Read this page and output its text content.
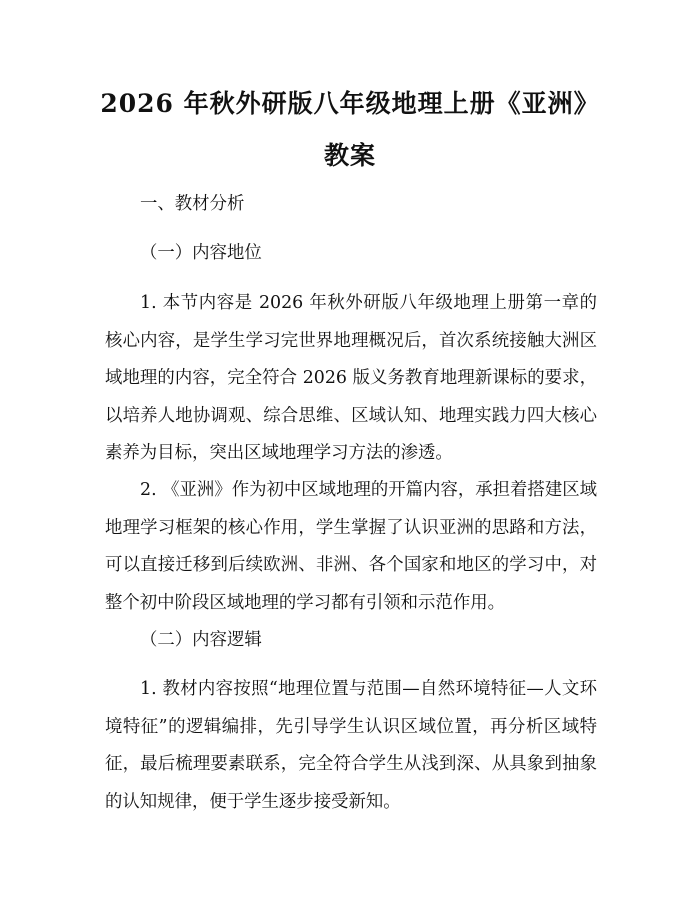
2026 年秋外研版八年级地理上册《亚洲》教案
一、教材分析
（一）内容地位
1. 本节内容是 2026 年秋外研版八年级地理上册第一章的核心内容，是学生学习完世界地理概况后，首次系统接触大洲区域地理的内容，完全符合 2026 版义务教育地理新课标的要求，以培养人地协调观、综合思维、区域认知、地理实践力四大核心素养为目标，突出区域地理学习方法的渗透。
2. 《亚洲》作为初中区域地理的开篇内容，承担着搭建区域地理学习框架的核心作用，学生掌握了认识亚洲的思路和方法，可以直接迁移到后续欧洲、非洲、各个国家和地区的学习中，对整个初中阶段区域地理的学习都有引领和示范作用。
（二）内容逻辑
1. 教材内容按照“地理位置与范围—自然环境特征—人文环境特征”的逻辑编排，先引导学生认识区域位置，再分析区域特征，最后梳理要素联系，完全符合学生从浅到深、从具象到抽象的认知规律，便于学生逐步接受新知。
